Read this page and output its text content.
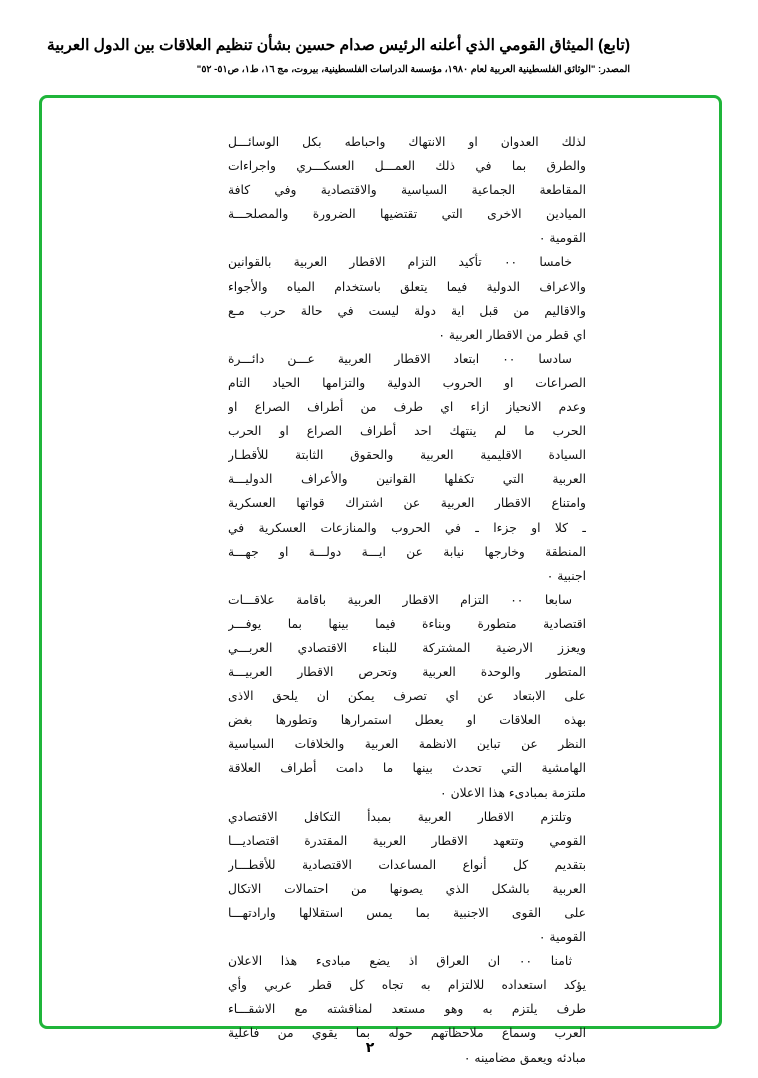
(تابع) الميثاق القومي الذي أعلنه الرئيس صدام حسين بشأن تنظيم العلاقات بين الدول العربية
المصدر: "الوثائق الفلسطينية العربية لعام ١٩٨٠، مؤسسة الدراسات الفلسطينية، بيروت، مج ١٦، ط١، ص٥١- ٥٢"
لذلك العدوان او الانتهاك واحباطه بكل الوسائـــل
والطرق بما في ذلك العمـــل العسكـــري واجراءات
المقاطعة الجماعية السياسية والاقتصادية وفي كافة
الميادين الاخرى التي تقتضيها الضرورة والمصلحـــة
القومية ٠
خامسا ٠٠ تأكيد التزام الاقطار العربية بالقوانين
والاعراف الدولية فيما يتعلق باستخدام المياه والأجواء
والاقاليم من قبل اية دولة ليست في حالة حرب مـع
اي قطر من الاقطار العربية ٠
سادسا ٠٠ ابتعاد الاقطار العربية عـــن دائـــرة
الصراعات او الحروب الدولية والتزامها الحياد التام
وعدم الانحياز ازاء اي طرف من أطراف الصراع او
الحرب ما لم ينتهك احد أطراف الصراع او الحرب
السيادة الاقليمية العربية والحقوق الثابتة للأقطـار
العربية التي تكفلها القوانين والأعراف الدوليـــة
وامتناع الاقطار العربية عن اشتراك قواتها العسكرية
ـ كلا او جزءا ـ في الحروب والمنازعات العسكرية في
المنطقة وخارجها نيابة عن ايـــة دولـــة او جهـــة
اجنبية ٠
سابعا ٠٠ التزام الاقطار العربية باقامة علاقـــات
اقتصادية متطورة وبناءة فيما بينها بما يوفـــر
ويعزز الارضية المشتركة للبناء الاقتصادي العربـــي
المتطور والوحدة العربية وتحرص الاقطار العربيـــة
على الابتعاد عن اي تصرف يمكن ان يلحق الاذى
بهذه العلاقات او يعطل استمرارها وتطورها بغض
النظر عن تباين الانظمة العربية والخلافات السياسية
الهامشية التي تحدث بينها ما دامت أطراف العلاقة
ملتزمة بمبادىء هذا الاعلان ٠
وتلتزم الاقطار العربية بمبدأ التكافل الاقتصادي
القومي وتتعهد الاقطار العربية المقتدرة اقتصاديـــا
بتقديم كل أنواع المساعدات الاقتصادية للأقطـــار
العربية بالشكل الذي يصونها من احتمالات الاتكال
على القوى الاجنبية بما يمس استقلالها وارادتهـــا
القومية ٠
ثامنا ٠٠ ان العراق اذ يضع مبادىء هذا الاعلان
يؤكد استعداده للالتزام به تجاه كل قطر عربي وأي
طرف يلتزم به وهو مستعد لمناقشته مع الاشقـــاء
العرب وسماع ملاحظاتهم حوله بما يقوي من فاعلية
مبادئه ويعمق مضامينه ٠
٢
